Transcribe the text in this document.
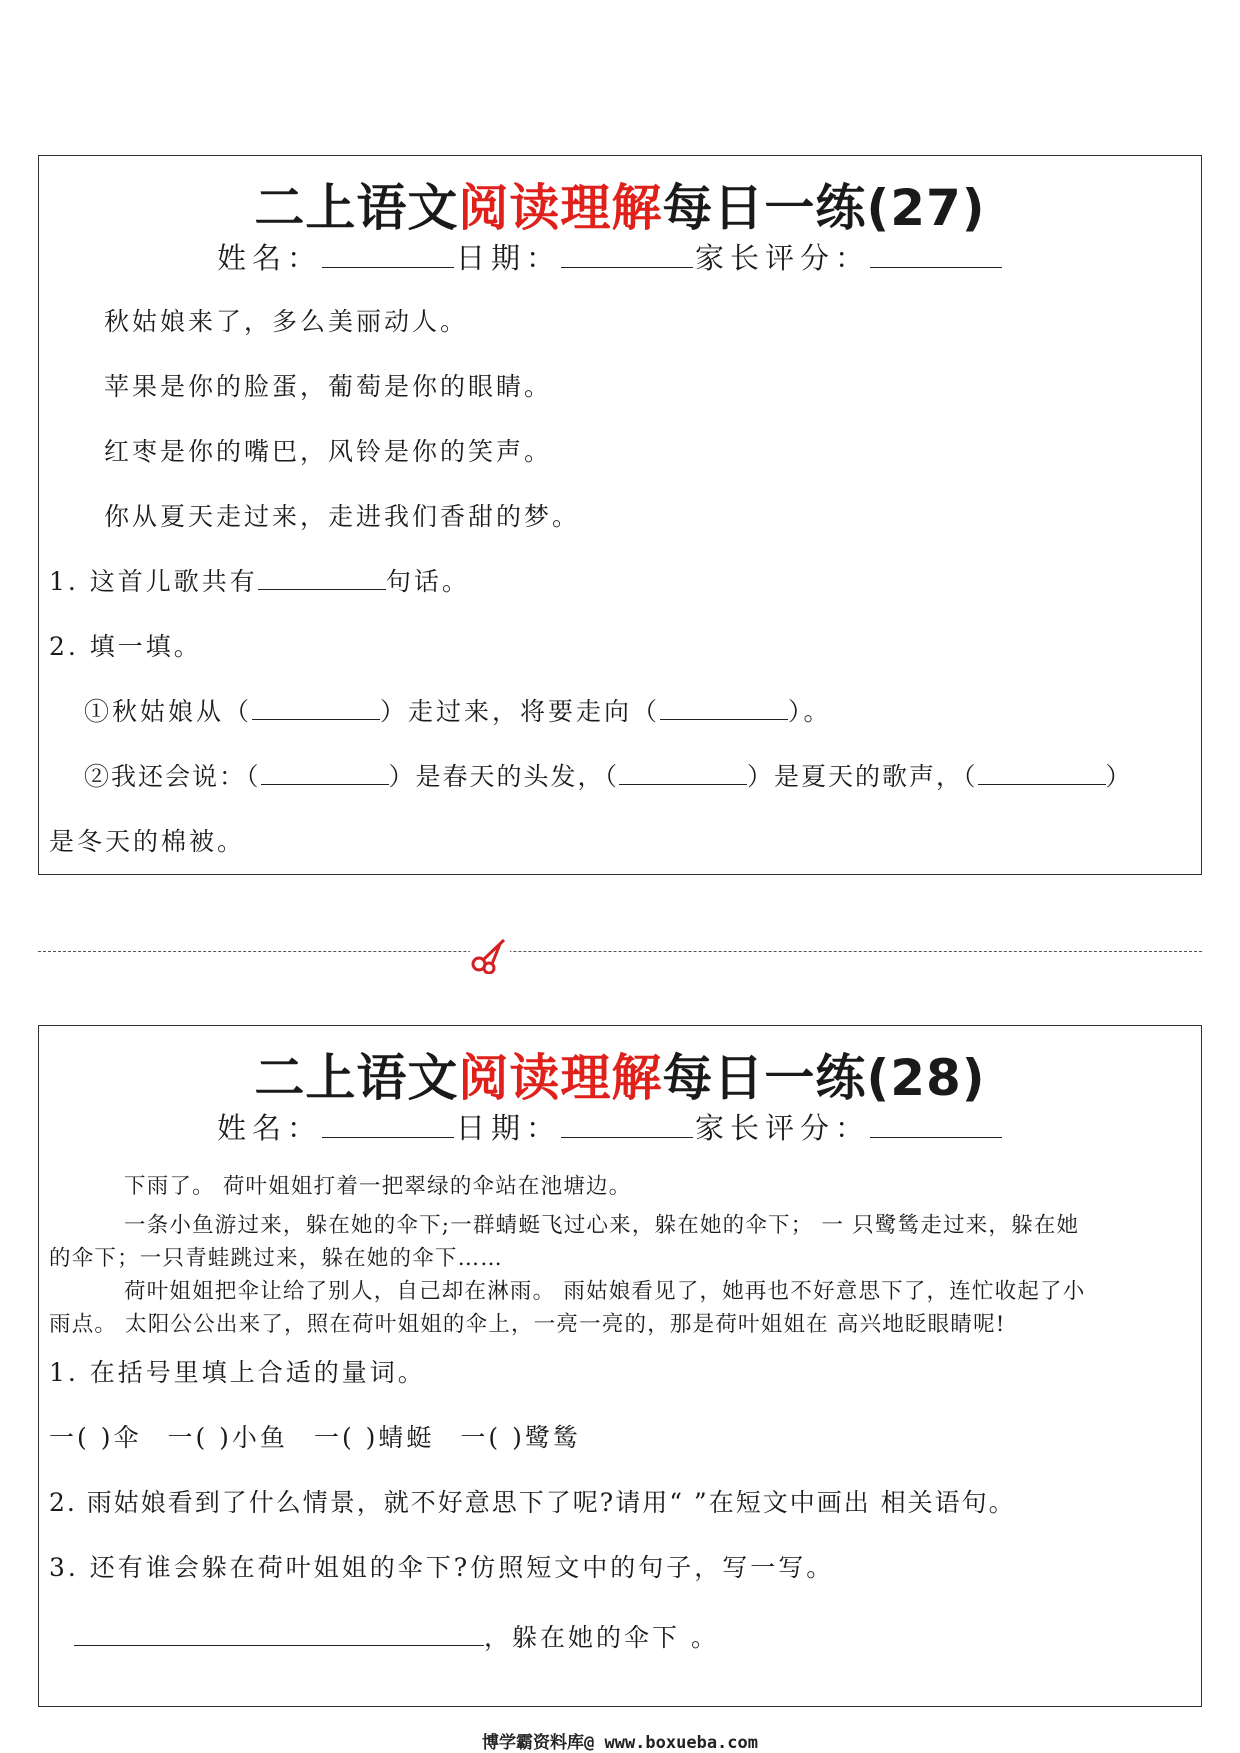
二上语文阅读理解每日一练(27)
姓名：	日期：	家长评分：
秋姑娘来了，多么美丽动人。
苹果是你的脸蛋，葡萄是你的眼睛。
红枣是你的嘴巴，风铃是你的笑声。
你从夏天走过来，走进我们香甜的梦。
1. 这首儿歌共有	句话。
2. 填一填。
①秋姑娘从（	）走过来，将要走向（	）。
②我还会说：（	）是春天的头发，（	）是夏天的歌声，（	）
是冬天的棉被。
二上语文阅读理解每日一练(28)
姓名：	日期：	家长评分：
下雨了。 荷叶姐姐打着一把翠绿的伞站在池塘边。
一条小鱼游过来，躲在她的伞下;一群蜻蜓飞过心来，躲在她的伞下； 一 只鹭鸶走过来，躲在她
的伞下；一只青蛙跳过来，躲在她的伞下……
荷叶姐姐把伞让给了别人，自己却在淋雨。 雨姑娘看见了，她再也不好意思下了，连忙收起了小
雨点。 太阳公公出来了，照在荷叶姐姐的伞上，一亮一亮的，那是荷叶姐姐在 高兴地眨眼睛呢!
1. 在括号里填上合适的量词。
一( )伞 一( )小鱼 一( )蜻蜓 一( )鹭鸶
2. 雨姑娘看到了什么情景，就不好意思下了呢?请用“ ”在短文中画出 相关语句。
3. 还有谁会躲在荷叶姐姐的伞下?仿照短文中的句子，写一写。
，躲在她的伞下 。
博学霸资料库@ www.boxueba.com
